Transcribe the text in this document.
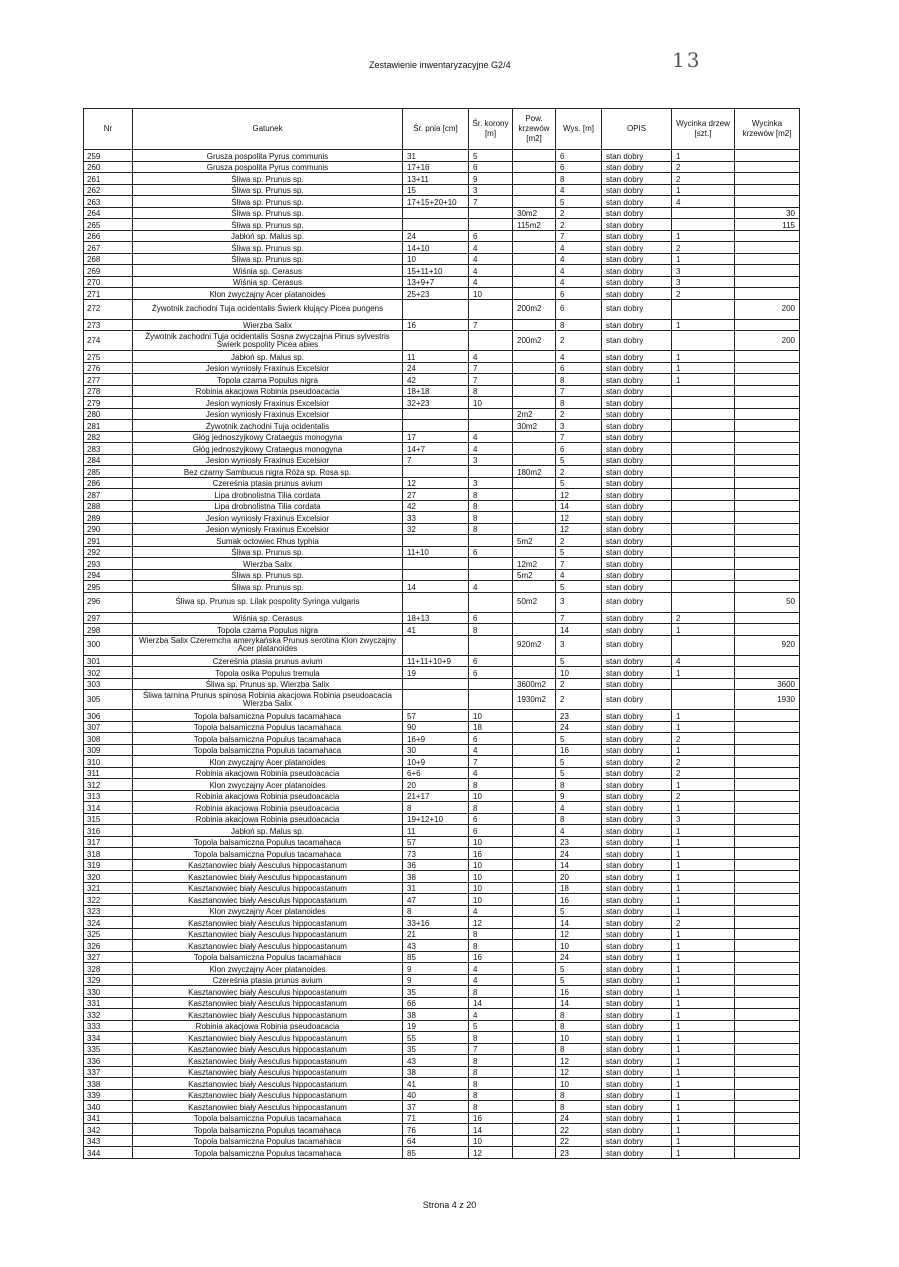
Zestawienie inwentaryzacyjne G2/4	13
Nr	Gatunek	Śr. pnia [cm]	Śr. korony [m]	Pow. krzewów [m2]	Wys. [m]	OPIS	Wycinka drzew [szt.]	Wycinka krzewów [m2]
259	Grusza pospolita Pyrus communis	31	5		6	stan dobry	1	
260	Grusza pospolita Pyrus communis	17+16	6		6	stan dobry	2	
261	Śliwa sp. Prunus sp.	13+11	9		8	stan dobry	2	
262	Śliwa sp. Prunus sp.	15	3		4	stan dobry	1	
263	Śliwa sp. Prunus sp.	17+15+20+10	7		5	stan dobry	4	
264	Śliwa sp. Prunus sp.			30m2	2	stan dobry		30
265	Śliwa sp. Prunus sp.			115m2	2	stan dobry		115
266	Jabłoń sp. Malus sp.	24	6		7	stan dobry	1	
267	Śliwa sp. Prunus sp.	14+10	4		4	stan dobry	2	
268	Śliwa sp. Prunus sp.	10	4		4	stan dobry	1	
269	Wiśnia sp. Cerasus	15+11+10	4		4	stan dobry	3	
270	Wiśnia sp. Cerasus	13+9+7	4		4	stan dobry	3	
271	Klon zwyczajny Acer platanoides	25+23	10		6	stan dobry	2	
272	Żywotnik zachodni Tuja ocidentalis Świerk kłujący Picea pungens			200m2	6	stan dobry		200
273	Wierzba Salix	16	7		8	stan dobry	1	
274	Żywotnik zachodni Tuja ocidentalis Sosna zwyczajna Pinus sylvestris Świerk pospolity Picea abies			200m2	2	stan dobry		200
275	Jabłoń sp. Malus sp.	11	4		4	stan dobry	1	
276	Jesion wyniosły Fraxinus Excelsior	24	7		6	stan dobry	1	
277	Topola czarna Populus nigra	42	7		8	stan dobry	1	
278	Robinia akacjowa Robinia pseudoacacia	18+18	8		7	stan dobry		
279	Jesion wyniosły Fraxinus Excelsior	32+23	10		8	stan dobry		
280	Jesion wyniosły Fraxinus Excelsior			2m2	2	stan dobry		
281	Żywotnik zachodni Tuja ocidentalis			30m2	3	stan dobry		
282	Głóg jednoszyjkowy Crataegus monogyna	17	4		7	stan dobry		
283	Głóg jednoszyjkowy Crataegus monogyna	14+7	4		6	stan dobry		
284	Jesion wyniosły Fraxinus Excelsior	7	3		5	stan dobry		
285	Bez czarny Sambucus nigra Róża sp. Rosa sp.			180m2	2	stan dobry		
286	Czereśnia ptasia prunus avium	12	3		5	stan dobry		
287	Lipa drobnolistna Tilia cordata	27	8		12	stan dobry		
288	Lipa drobnolistna Tilia cordata	42	8		14	stan dobry		
289	Jesion wyniosły Fraxinus Excelsior	33	8		12	stan dobry		
290	Jesion wyniosły Fraxinus Excelsior	32	8		12	stan dobry		
291	Sumak octowiec Rhus typhia			5m2	2	stan dobry		
292	Śliwa sp. Prunus sp.	11+10	6		5	stan dobry		
293	Wierzba Salix			12m2	7	stan dobry		
294	Śliwa sp. Prunus sp.			5m2	4	stan dobry		
295	Śliwa sp. Prunus sp.	14	4		5	stan dobry		
296	Śliwa sp. Prunus sp. Lilak pospolity Syringa vulgaris			50m2	3	stan dobry		50
297	Wiśnia sp. Cerasus	18+13	6		7	stan dobry	2	
298	Topola czarna Populus nigra	41	8		14	stan dobry	1	
300	Wierzba Salix Czeremcha amerykańska Prunus serotina Klon zwyczajny Acer platanoides			920m2	3	stan dobry		920
301	Czereśnia ptasia prunus avium	11+11+10+9	6		5	stan dobry	4	
302	Topola osika Populus tremula	19	6		10	stan dobry	1	
303	Śliwa sp. Prunus sp. Wierzba Salix			3600m2	2	stan dobry		3600
305	Śliwa tarnina Prunus spinosa Robinia akacjowa Robinia pseudoacacia Wierzba Salix			1930m2	2	stan dobry		1930
306	Topola balsamiczna Populus tacamahaca	57	10		23	stan dobry	1	
307	Topola balsamiczna Populus tacamahaca	90	18		24	stan dobry	1	
308	Topola balsamiczna Populus tacamahaca	16+9	6		5	stan dobry	2	
309	Topola balsamiczna Populus tacamahaca	30	4		16	stan dobry	1	
310	Klon zwyczajny Acer platanoides	10+9	7		5	stan dobry	2	
311	Robinia akacjowa Robinia pseudoacacia	6+6	4		5	stan dobry	2	
312	Klon zwyczajny Acer platanoides	20	8		8	stan dobry	1	
313	Robinia akacjowa Robinia pseudoacacia	21+17	10		9	stan dobry	2	
314	Robinia akacjowa Robinia pseudoacacia	8	8		4	stan dobry	1	
315	Robinia akacjowa Robinia pseudoacacia	19+12+10	6		8	stan dobry	3	
316	Jabłoń sp. Malus sp.	11	6		4	stan dobry	1	
317	Topola balsamiczna Populus tacamahaca	57	10		23	stan dobry	1	
318	Topola balsamiczna Populus tacamahaca	73	16		24	stan dobry	1	
319	Kasztanowiec biały Aesculus hippocastanum	36	10		14	stan dobry	1	
320	Kasztanowiec biały Aesculus hippocastanum	38	10		20	stan dobry	1	
321	Kasztanowiec biały Aesculus hippocastanum	31	10		18	stan dobry	1	
322	Kasztanowiec biały Aesculus hippocastanum	47	10		16	stan dobry	1	
323	Klon zwyczajny Acer platanoides	8	4		5	stan dobry	1	
324	Kasztanowiec biały Aesculus hippocastanum	33+16	12		14	stan dobry	2	
325	Kasztanowiec biały Aesculus hippocastanum	21	8		12	stan dobry	1	
326	Kasztanowiec biały Aesculus hippocastanum	43	8		10	stan dobry	1	
327	Topola balsamiczna Populus tacamahaca	85	16		24	stan dobry	1	
328	Klon zwyczajny Acer platanoides	9	4		5	stan dobry	1	
329	Czereśnia ptasia prunus avium	9	4		5	stan dobry	1	
330	Kasztanowiec biały Aesculus hippocastanum	35	8		16	stan dobry	1	
331	Kasztanowiec biały Aesculus hippocastanum	66	14		14	stan dobry	1	
332	Kasztanowiec biały Aesculus hippocastanum	38	4		8	stan dobry	1	
333	Robinia akacjowa Robinia pseudoacacia	19	5		8	stan dobry	1	
334	Kasztanowiec biały Aesculus hippocastanum	55	8		10	stan dobry	1	
335	Kasztanowiec biały Aesculus hippocastanum	35	7		8	stan dobry	1	
336	Kasztanowiec biały Aesculus hippocastanum	43	8		12	stan dobry	1	
337	Kasztanowiec biały Aesculus hippocastanum	38	8		12	stan dobry	1	
338	Kasztanowiec biały Aesculus hippocastanum	41	8		10	stan dobry	1	
339	Kasztanowiec biały Aesculus hippocastanum	40	8		8	stan dobry	1	
340	Kasztanowiec biały Aesculus hippocastanum	37	8		8	stan dobry	1	
341	Topola balsamiczna Populus tacamahaca	71	16		24	stan dobry	1	
342	Topola balsamiczna Populus tacamahaca	76	14		22	stan dobry	1	
343	Topola balsamiczna Populus tacamahaca	64	10		22	stan dobry	1	
344	Topola balsamiczna Populus tacamahaca	85	12		23	stan dobry	1	
Strona 4 z 20
